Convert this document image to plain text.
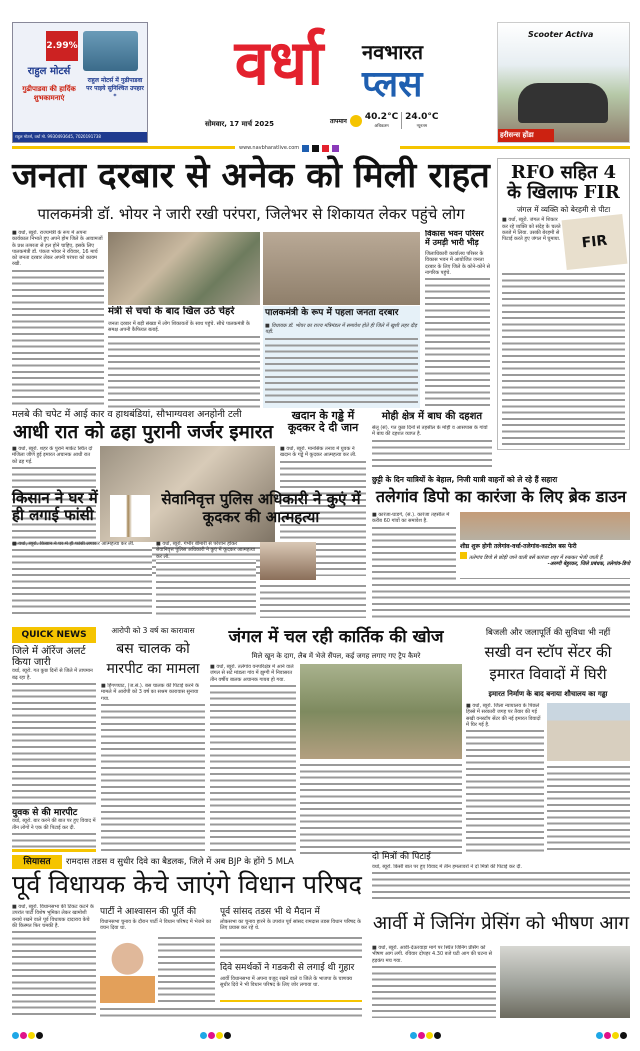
2.99%
राहुल मोटर्स
गुढीपाडवा की हार्दिक शुभकामनाएं
राहुल मोटर्स में गुढीपाडवा पर पाइये सुनिश्चित उपहार *
राहुल मोटर्स, वर्धा मो. 9930493645, 7020191738
वर्धा	नवभारत
प्लस
सोमवार, 17 मार्च 2025	तापमान 40.2°C
अधिकतम
24.0°C
न्यूनतम
Scooter Activa
हरीसन्स होंडा
www.navbharatlive.com
जनता दरबार से अनेक को मिली राहत
पालकमंत्री डॉ. भोयर ने जारी रखी परंपरा, जिलेभर से शिकायत लेकर पहुंचे लोग
■ वर्धा, ब्यूरो. राज्यमंत्री के रूप में अपना कार्यकाल निभाते हुए अपने होम जिले के आवामजों के प्रश्न तत्परता से हल होने चाहिए, इसके लिए पालकमंत्री डॉ. पंकज भोयर ने रविवार, 16 मार्च को जनता दरबार लेकर अपनी परंपरा को कायम रखी.
मंत्री से चर्चा के बाद खिल उठे चेहरे
जनता दरबार में बड़ी संख्या में लोग शिकायतों के साथ पहुंचे. सीधे पालकमंत्री के समक्ष अपनी कैफियत बताई.
पालकमंत्री के रूप में पहला जनता दरबार
■ विधायक डॉ. भोयर का राज्य मंत्रिमंडल में समावेश होते ही जिले में खुशी लहर दौड़ पड़ी.
विकास भवन परिसर में उमड़ी भारी भीड़
जिलाधिकारी कार्यालय परिसर के विकास भवन में आयोजित जनता दरबार के लिए जिले के कोने-कोने से नागरिक पहुंचे.
RFO सहित 4 के खिलाफ FIR
जंगल में व्यक्ति को बेरहमी से पीटा
■ वर्धा, ब्यूरो. जंगल में शिकार कर रहे व्यक्ति को संदेह के चलते कब्जे में लिया. उसकी बेरहमी से पिटाई करते हुए जंगल में घुमाया.	FIR
मलबे की चपेट में आई कार व हाथबंडियां, सौभाग्यवश अनहोनी टली
आधी रात को ढहा पुरानी जर्जर इमारत
■ वर्धा, ब्यूरो. शहर के पुराने मार्केट स्थित दो मंजिला जीर्ण हुई इमारत अचानक आधी रात को ढह गई.
खदान के गड्ढे में कूदकर दे दी जान
■ वर्धा, ब्यूरो. मानसिक तनाव में युवक ने खदान के गड्ढे में कूदकर आत्महत्या कर ली.
मोही क्षेत्र में बाघ की दहशत
सेलू (सं). गत कुछ दिनों से तहसील के मोही व आसपास के गांवों में बाघ की दहशत व्याप्त है.
छुट्टी के दिन यात्रियों के बेहाल, निजी यात्री वाहनों को ले रहे हैं सहारा
तलेगांव डिपो का कारंजा के लिए ब्रेक डाउन
■ कारंजा-घाडगे, (सं.). कारंजा तहसील में करीब 60 गांवों का समावेश है.
शीघ्र शुरू होगी तलेगांव-वर्धा-तलेगांव-काटोल बस फेरी
तलेगांव डिपो से छोड़ी जाने वाली बसें कारंजा शहर में रुककर भेजी जाती हैं.
-अरुणी बेहुरकर, जिले प्रबंधक, तलेगांव-डिपो
किसान ने घर में ही लगाई फांसी
■ वर्धा, ब्यूरो. किसान ने घर में ही फांसी लगाकर आत्महत्या कर ली.
सेवानिवृत्त पुलिस अधिकारी ने कुएं में कूदकर की आत्महत्या
■ वर्धा, ब्यूरो. गंभीर बीमारी से परेशान होकर सेवानिवृत्त पुलिस अधिकारी ने कुएं में कूदकर आत्महत्या कर ली.
QUICK NEWS
जिले में ऑरेंज अलर्ट किया जारी
वर्धा, ब्यूरो. गत कुछ दिनों से जिले में तापमान बढ़ रहा है.
युवक से की मारपीट
वर्धा, ब्यूरो. बार करने की बात पर हुए विवाद में तीन लोगों ने एक की पिटाई कर दी.
आरोपी को 3 वर्ष का कारावास
बस चालक को मारपीट का मामला
■ हिंगणघाट, (ज.सं.). बस चालक की पिटाई करने के मामले में आरोपी को 3 वर्ष का सश्रम कारावास सुनाया गया.
जंगल में चल रही कार्तिक की खोज
मिले खून के दाग, लैब में भेजे सैंपल, कई जगह लगाए गए ट्रैप कैमरे
■ वर्धा, ब्यूरो. तलेगांव वनपरिक्षेत्र में आने वाले जंगल से सटे मांडला गांव में झुग्गी में निवासरत तीन वर्षीय बालक अचानक गायब हो गया.
बिजली और जलापूर्ति की सुविधा भी नहीं
सखी वन स्टॉप सेंटर की इमारत विवादों में घिरी
इमारत निर्माण के बाद बनाया शौचालय का गड्ढा
■ वर्धा, ब्यूरो. जिला न्यायालय के पिछले हिस्से में सरकारी जगह पर तैयार की गई सखी वनस्टॉप सेंटर की नई इमारत विवादों में घिर गई है.
सियासत	रामदास तडस व सुधीर दिवे का बैडलक, जिले में अब BJP के होंगे 5 MLA
पूर्व विधायक केचे जाएंगे विधान परिषद
■ वर्धा, ब्यूरो. विधानसभा की टिकट कटने के उपरांत पार्टी विशेष भूमिका लेकर खामोशी बनाये रखने वाले पूर्व विधायक दादाराव केचे की किस्मत फिर चमकी है.
पार्टी ने आश्वासन की पूर्ति की
विधानसभा चुनाव के दौरान पार्टी ने विधान परिषद में भेजने का वचन दिया था.
पूर्व सांसद तडस भी थे मैदान में
लोकसभा का चुनाव हारने के उपरांत पूर्व सांसद रामदास तडस विधान परिषद के लिए प्रयास कर रहे थे.
दिवे समर्थकों ने गडकरी से लगाई थी गुहार
आर्वी विधानसभा में अपना वजूद रखने वाले व जिले के भाजपा के चाणक्य सुधीर दिवे ने भी विधान परिषद के लिए जोर लगाया था.
दो मित्रों की पिटाई
वर्धा, ब्यूरो. किसी बात पर हुए विवाद में तीन हमलावरों ने दो मित्रों की पिटाई कर दी.
आर्वी में जिनिंग प्रेसिंग को भीषण आग
■ वर्धा, ब्यूरो. आर्वी-देऊरवाड़ा मार्ग पर स्थित जिनिंग प्रेसिंग को भीषण आग लगी. रविवार दोपहर 4.30 बजे घटी आग की घटना से हड़कंप मच गया.
